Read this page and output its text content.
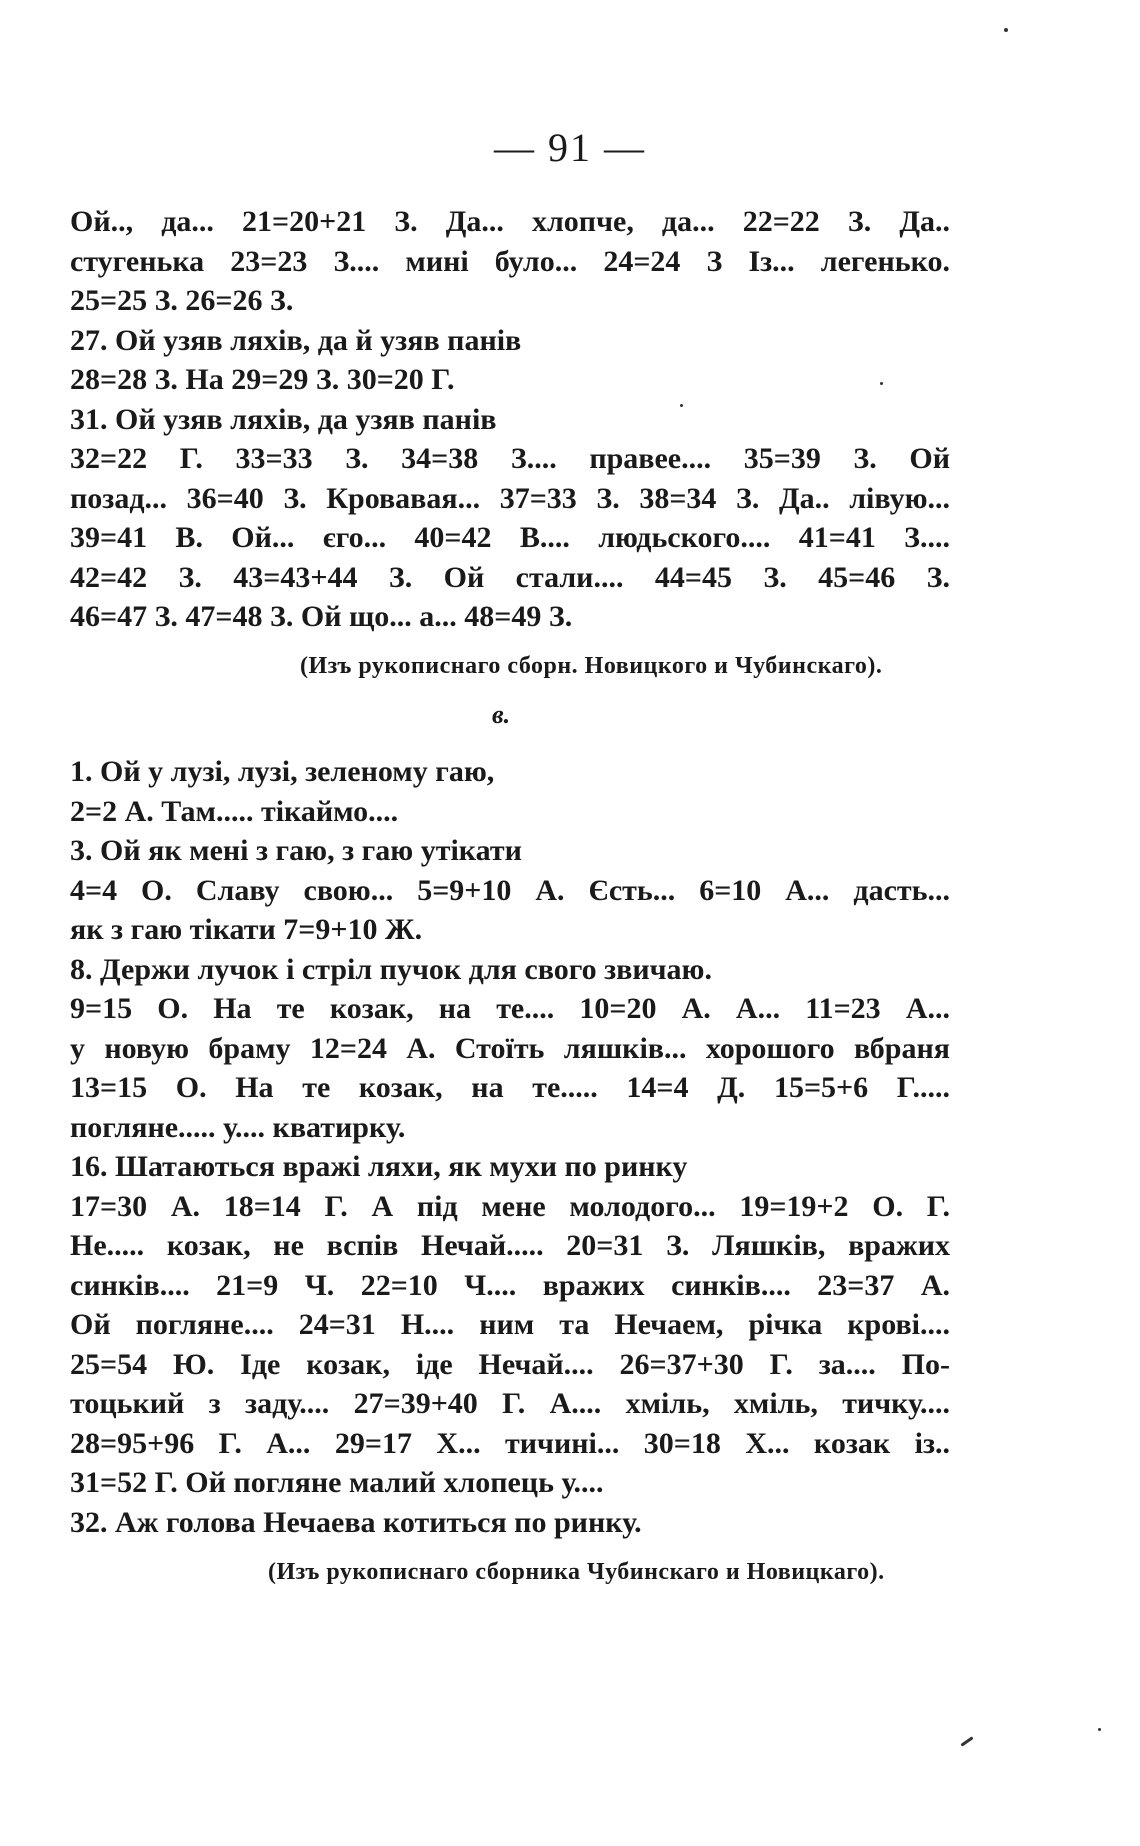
— 91 —
Ой.., да... 21=20+21 З. Да... хлопче, да... 22=22 З. Да..
стугенька 23=23 З.... мині було... 24=24 З Із... легенько.
25=25 З. 26=26 З.
27. Ой узяв ляхів, да й узяв панів
28=28 З. На 29=29 З. 30=20 Г.
31. Ой узяв ляхів, да узяв панів
32=22 Г. 33=33 З. 34=38 З.... правее.... 35=39 З. Ой
позад... 36=40 З. Кровавая... 37=33 З. 38=34 З. Да.. лівую...
39=41 В. Ой... єго... 40=42 В.... людьского.... 41=41 З....
42=42 З. 43=43+44 З. Ой стали.... 44=45 З. 45=46 З.
46=47 З. 47=48 З. Ой що... а... 48=49 З.
(Изъ рукописнаго сборн. Новицкого и Чубинскаго).
в.
1. Ой у лузі, лузі, зеленому гаю,
2=2 А. Там..... тікаймо....
3. Ой як мені з гаю, з гаю утікати
4=4 О. Славу свою... 5=9+10 А. Єсть... 6=10 А... дасть...
як з гаю тікати 7=9+10 Ж.
8. Держи лучок і стріл пучок для свого звичаю.
9=15 О. На те козак, на те.... 10=20 А. А... 11=23 А...
у новую браму 12=24 А. Стоїть ляшків... хорошого вбраня
13=15 О. На те козак, на те..... 14=4 Д. 15=5+6 Г.....
погляне..... у.... кватирку.
16. Шатаються вражі ляхи, як мухи по ринку
17=30 А. 18=14 Г. А під мене молодого... 19=19+2 О. Г.
Не..... козак, не вспів Нечай..... 20=31 З. Ляшків, вражих
синків.... 21=9 Ч. 22=10 Ч.... вражих синків.... 23=37 А.
Ой погляне.... 24=31 Н.... ним та Нечаем, річка крові....
25=54 Ю. Іде козак, іде Нечай.... 26=37+30 Г. за.... По-
тоцький з заду.... 27=39+40 Г. А.... хміль, хміль, тичку....
28=95+96 Г. А... 29=17 Х... тичині... 30=18 Х... козак із..
31=52 Г. Ой погляне малий хлопець у....
32. Аж голова Нечаева котиться по ринку.
(Изъ рукописнаго сборника Чубинскаго и Новицкаго).
